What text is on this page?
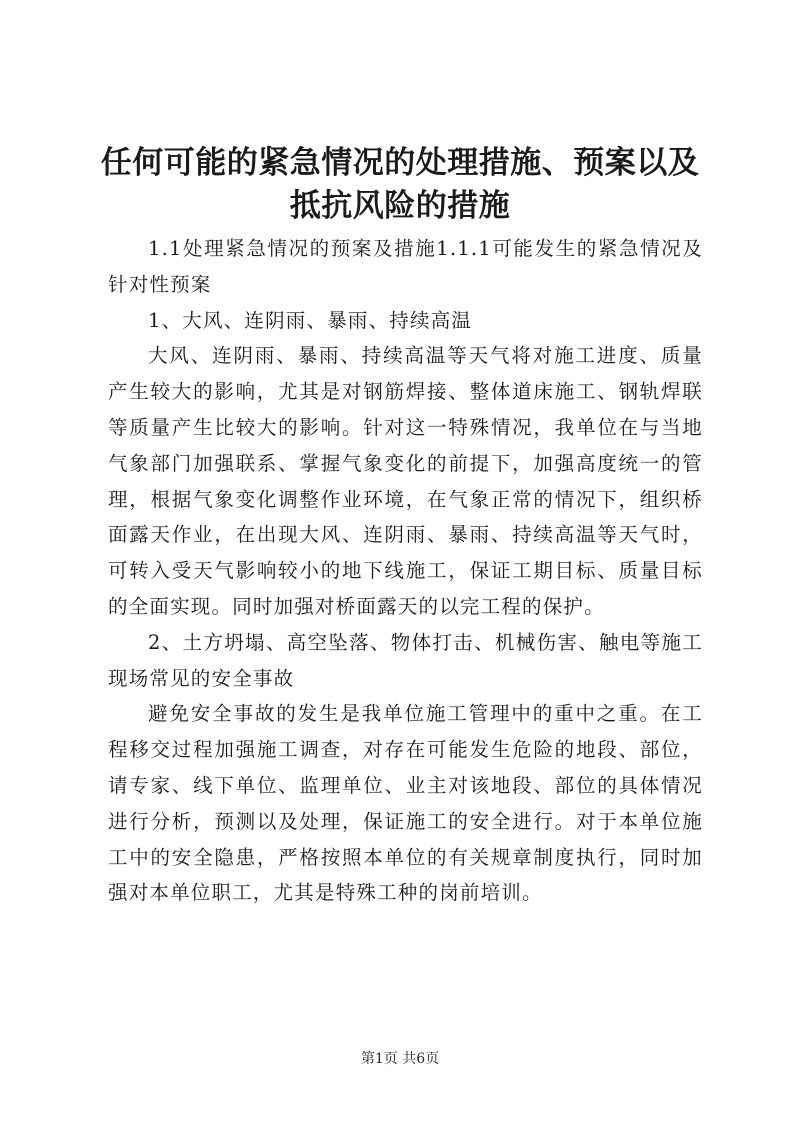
任何可能的紧急情况的处理措施、预案以及抵抗风险的措施

1.1处理紧急情况的预案及措施1.1.1可能发生的紧急情况及针对性预案

1、大风、连阴雨、暴雨、持续高温

大风、连阴雨、暴雨、持续高温等天气将对施工进度、质量产生较大的影响，尤其是对钢筋焊接、整体道床施工、钢轨焊联等质量产生比较大的影响。针对这一特殊情况，我单位在与当地气象部门加强联系、掌握气象变化的前提下，加强高度统一的管理，根据气象变化调整作业环境，在气象正常的情况下，组织桥面露天作业，在出现大风、连阴雨、暴雨、持续高温等天气时，可转入受天气影响较小的地下线施工，保证工期目标、质量目标的全面实现。同时加强对桥面露天的以完工程的保护。

2、土方坍塌、高空坠落、物体打击、机械伤害、触电等施工现场常见的安全事故

避免安全事故的发生是我单位施工管理中的重中之重。在工程移交过程加强施工调查，对存在可能发生危险的地段、部位，请专家、线下单位、监理单位、业主对该地段、部位的具体情况进行分析，预测以及处理，保证施工的安全进行。对于本单位施工中的安全隐患，严格按照本单位的有关规章制度执行，同时加强对本单位职工，尤其是特殊工种的岗前培训。

第1页 共6页
